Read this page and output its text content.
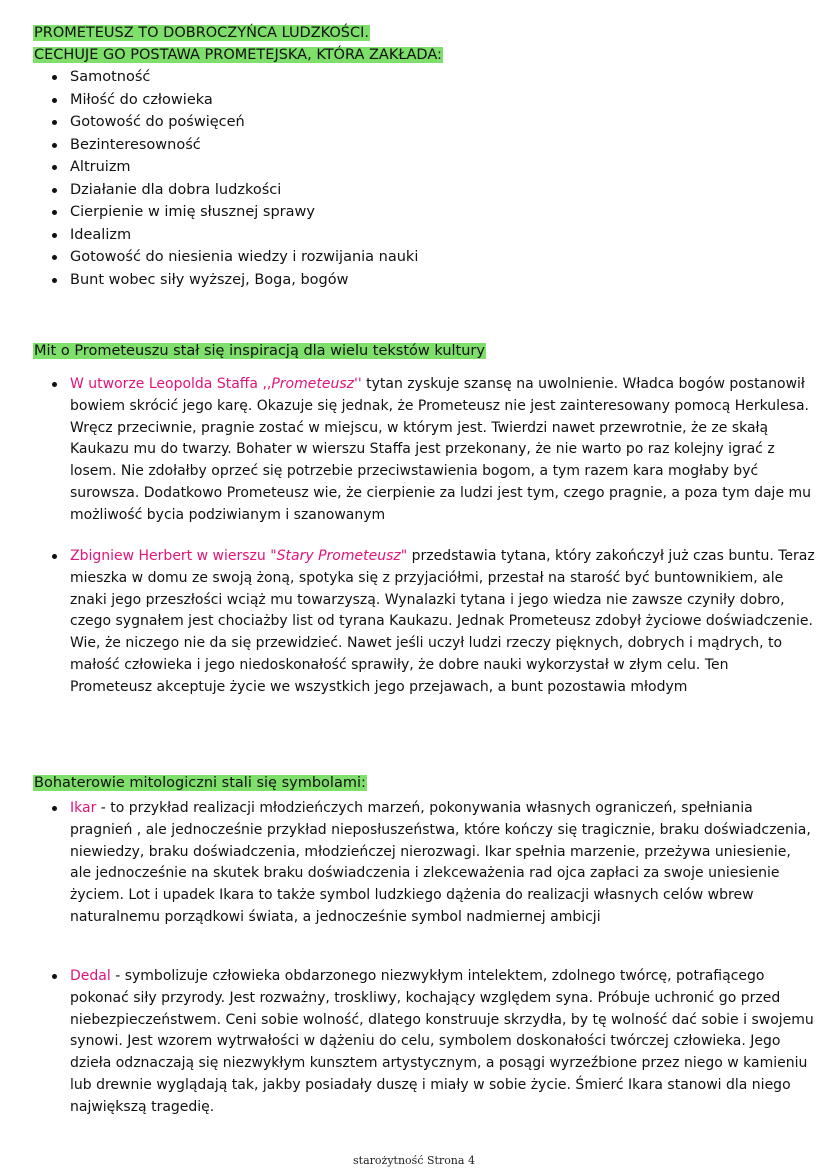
PROMETEUSZ TO DOBROCZYŃCA LUDZKOŚCI.
CECHUJE GO POSTAWA PROMETEJSKA, KTÓRA ZAKŁADA:
Samotność
Miłość do człowieka
Gotowość do poświęceń
Bezinteresowność
Altruizm
Działanie dla dobra ludzkości
Cierpienie w imię słusznej sprawy
Idealizm
Gotowość do niesienia wiedzy i rozwijania nauki
Bunt wobec siły wyższej, Boga, bogów
Mit o Prometeuszu stał się inspiracją dla wielu tekstów kultury
W utworze Leopolda Staffa ,,Prometeusz'' tytan zyskuje szansę na uwolnienie. Władca bogów postanowił bowiem skrócić jego karę. Okazuje się jednak, że Prometeusz nie jest zainteresowany pomocą Herkulesa. Wręcz przeciwnie, pragnie zostać w miejscu, w którym jest. Twierdzi nawet przewrotnie, że ze skałą Kaukazu mu do twarzy. Bohater w wierszu Staffa jest przekonany, że nie warto po raz kolejny igrać z losem. Nie zdołałby oprzeć się potrzebie przeciwstawienia bogom, a tym razem kara mogłaby być surowsza. Dodatkowo Prometeusz wie, że cierpienie za ludzi jest tym, czego pragnie, a poza tym daje mu możliwość bycia podziwianym i szanowanym
Zbigniew Herbert w wierszu "Stary Prometeusz" przedstawia tytana, który zakończył już czas buntu. Teraz mieszka w domu ze swoją żoną, spotyka się z przyjaciółmi, przestał na starość być buntownikiem, ale znaki jego przeszłości wciąż mu towarzyszą. Wynalazki tytana i jego wiedza nie zawsze czyniły dobro, czego sygnałem jest chociażby list od tyrana Kaukazu. Jednak Prometeusz zdobył życiowe doświadczenie. Wie, że niczego nie da się przewidzieć. Nawet jeśli uczył ludzi rzeczy pięknych, dobrych i mądrych, to małość człowieka i jego niedoskonałość sprawiły, że dobre nauki wykorzystał w złym celu. Ten Prometeusz akceptuje życie we wszystkich jego przejawach, a bunt pozostawia młodym
Bohaterowie mitologiczni stali się symbolami:
Ikar - to przykład realizacji młodzieńczych marzeń, pokonywania własnych ograniczeń, spełniania pragnień , ale jednocześnie przykład nieposłuszeństwa, które kończy się tragicznie, braku doświadczenia, niewiedzy, braku doświadczenia, młodzieńczej nierozwagi. Ikar spełnia marzenie, przeżywa uniesienie, ale jednocześnie na skutek braku doświadczenia i zlekceważenia rad ojca zapłaci za swoje uniesienie życiem. Lot i upadek Ikara to także symbol ludzkiego dążenia do realizacji własnych celów wbrew naturalnemu porządkowi świata, a jednocześnie symbol nadmiernej ambicji
Dedal - symbolizuje człowieka obdarzonego niezwykłym intelektem, zdolnego twórcę, potrafiącego pokonać siły przyrody. Jest rozważny, troskliwy, kochający względem syna. Próbuje uchronić go przed niebezpieczeństwem. Ceni sobie wolność, dlatego konstruuje skrzydła, by tę wolność dać sobie i swojemu synowi. Jest wzorem wytrwałości w dążeniu do celu, symbolem doskonałości twórczej człowieka. Jego dzieła odznaczają się niezwykłym kunsztem artystycznym, a posągi wyrzeźbione przez niego w kamieniu lub drewnie wyglądają tak, jakby posiadały duszę i miały w sobie życie. Śmierć Ikara stanowi dla niego największą tragedię.
starożytność Strona 4
